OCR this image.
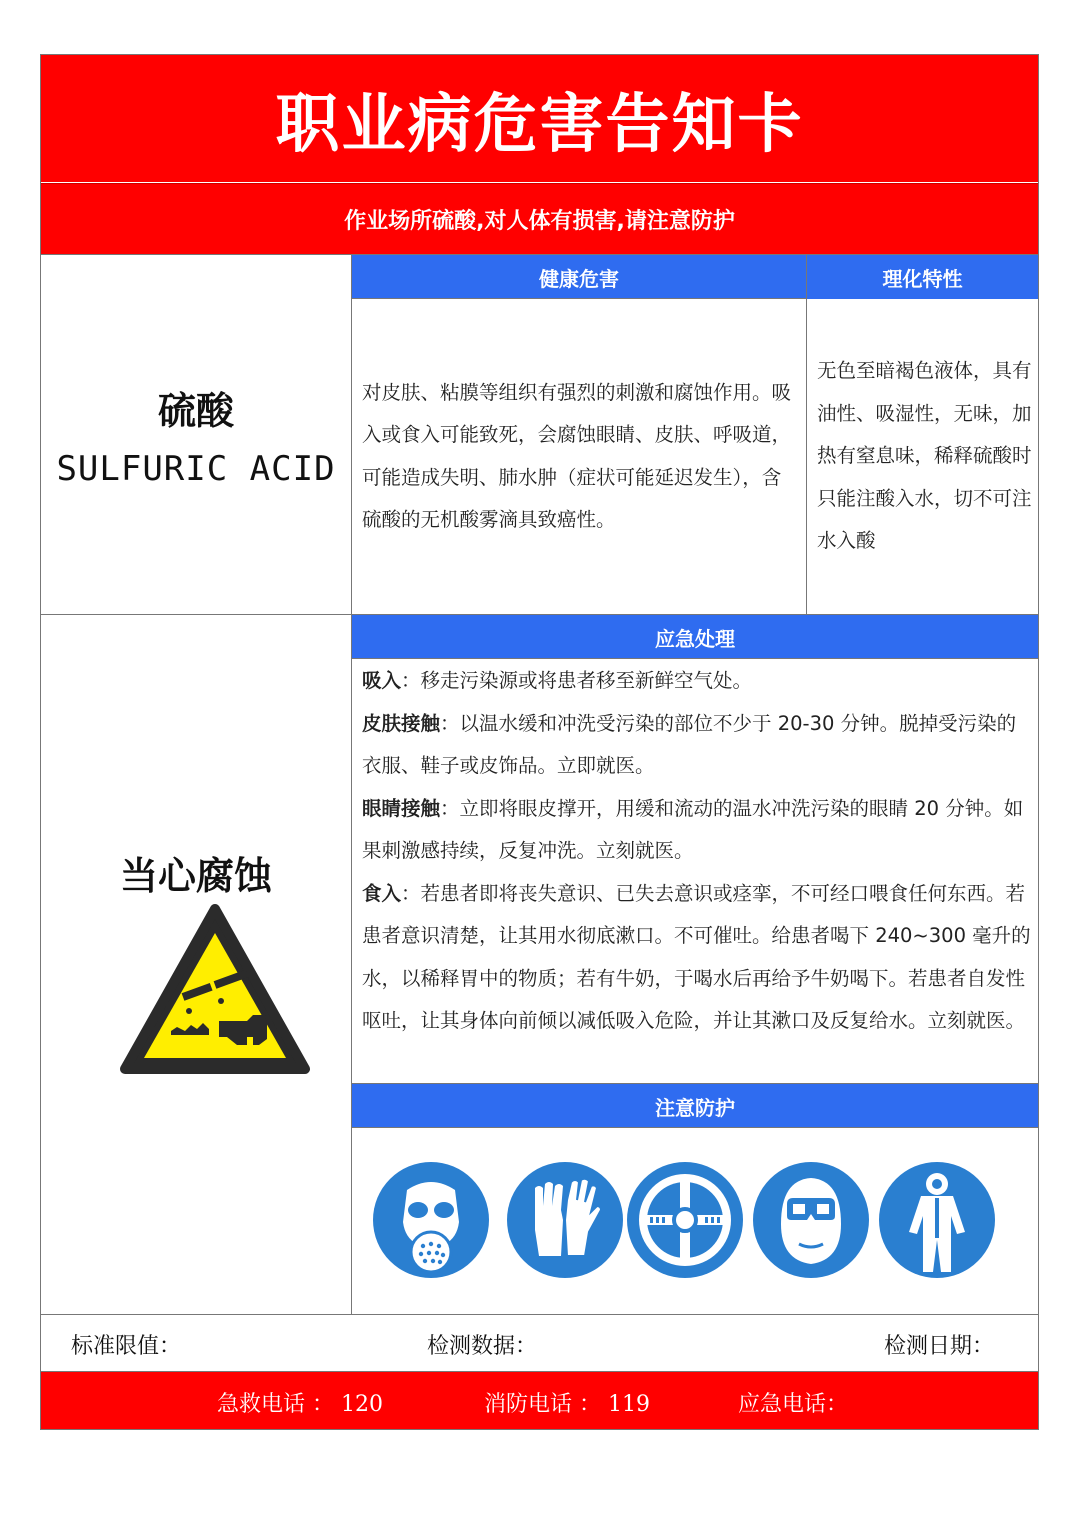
职业病危害告知卡
作业场所硫酸,对人体有损害,请注意防护
硫酸
SULFURIC ACID
健康危害
对皮肤、粘膜等组织有强烈的刺激和腐蚀作用。吸入或食入可能致死，会腐蚀眼睛、皮肤、呼吸道，可能造成失明、肺水肿（症状可能延迟发生），含硫酸的无机酸雾滴具致癌性。
理化特性
无色至暗褐色液体，具有油性、吸湿性，无味，加热有窒息味，稀释硫酸时只能注酸入水，切不可注水入酸
当心腐蚀
应急处理
吸入：移走污染源或将患者移至新鲜空气处。
皮肤接触：以温水缓和冲洗受污染的部位不少于 20-30 分钟。脱掉受污染的衣服、鞋子或皮饰品。立即就医。
眼睛接触：立即将眼皮撑开，用缓和流动的温水冲洗污染的眼睛 20 分钟。如果刺激感持续，反复冲洗。立刻就医。
食入：若患者即将丧失意识、已失去意识或痉挛，不可经口喂食任何东西。若患者意识清楚，让其用水彻底漱口。不可催吐。给患者喝下 240~300 毫升的水，以稀释胃中的物质；若有牛奶，于喝水后再给予牛奶喝下。若患者自发性呕吐，让其身体向前倾以减低吸入危险，并让其漱口及反复给水。立刻就医。
注意防护
标准限值：	检测数据：	检测日期：
急救电话 ： 120	消防电话 ： 119	应急电话：
